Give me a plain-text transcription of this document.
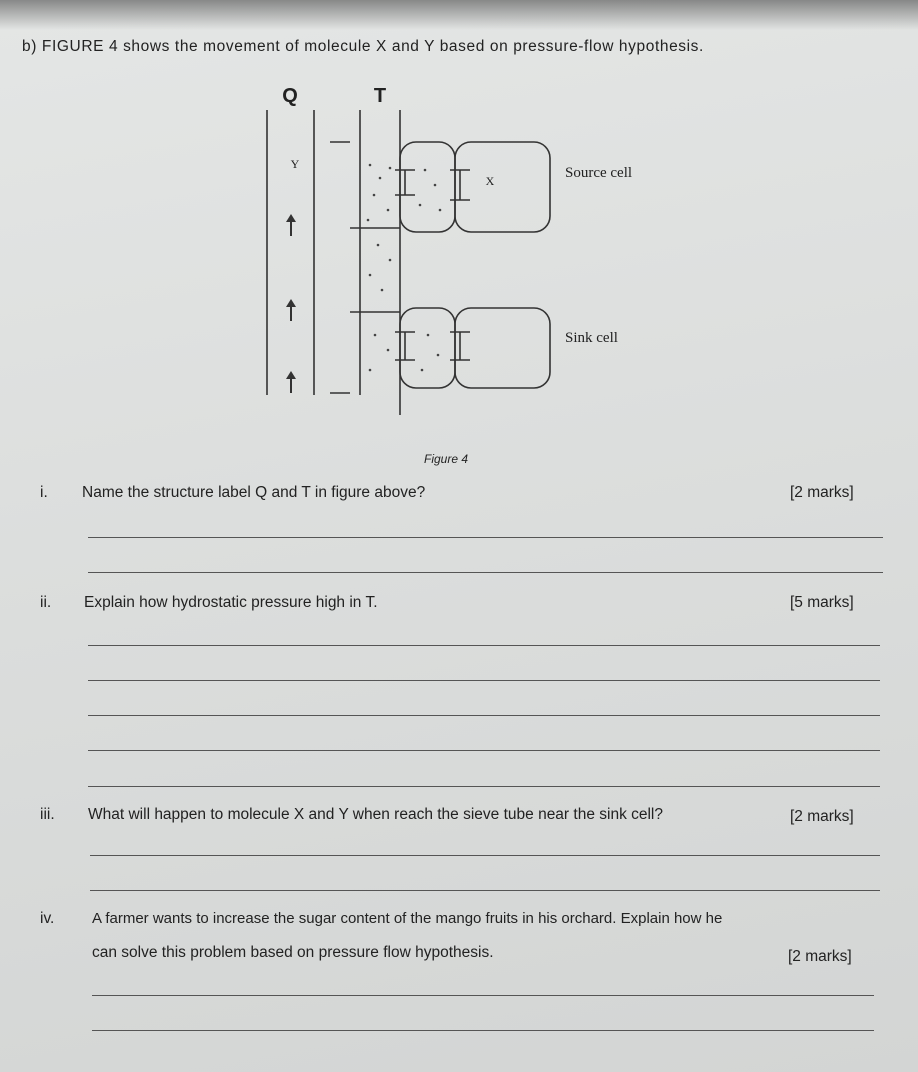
b) FIGURE 4 shows the movement of molecule X and Y based on pressure-flow hypothesis.
Q	T
Y
X	Source cell
Sink cell
Figure 4
i. Name the structure label Q and T in figure above?	[2 marks]
ii. Explain how hydrostatic pressure high in T.	[5 marks]
iii. What will happen to molecule X and Y when reach the sieve tube near the sink cell?	[2 marks]
iv.	A farmer wants to increase the sugar content of the mango fruits in his orchard. Explain how he
can solve this problem based on pressure flow hypothesis.	[2 marks]
